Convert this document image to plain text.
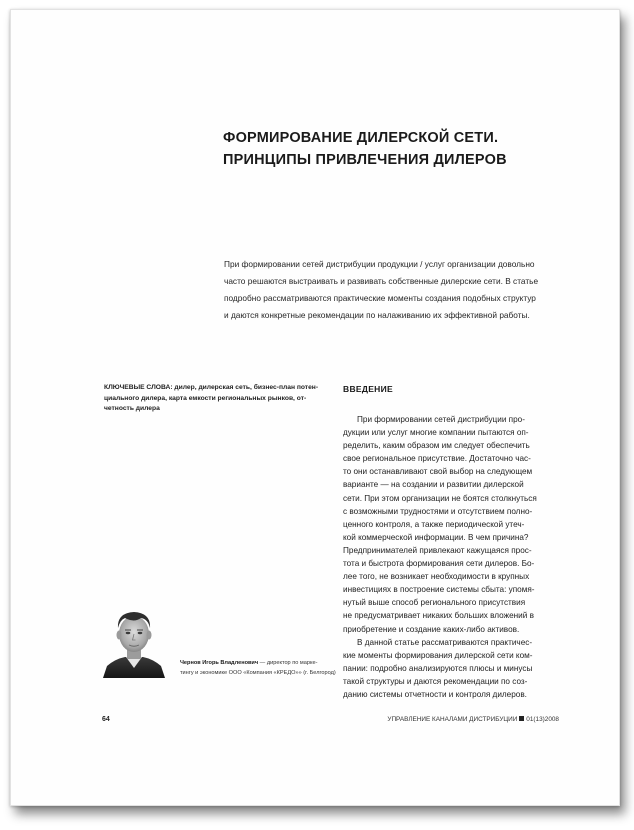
ФОРМИРОВАНИЕ ДИЛЕРСКОЙ СЕТИ.
ПРИНЦИПЫ ПРИВЛЕЧЕНИЯ ДИЛЕРОВ

При формировании сетей дистрибуции продукции / услуг организации довольно
часто решаются выстраивать и развивать собственные дилерские сети. В статье
подробно рассматриваются практические моменты создания подобных структур
и даются конкретные рекомендации по налаживанию их эффективной работы.

КЛЮЧЕВЫЕ СЛОВА: дилер, дилерская сеть, бизнес-план потен-
циального дилера, карта емкости региональных рынков, от-
четность дилера

ВВЕДЕНИЕ
При формировании сетей дистрибуции про-
дукции или услуг многие компании пытаются оп-
ределить, каким образом им следует обеспечить
свое региональное присутствие. Достаточно час-
то они останавливают свой выбор на следующем
варианте — на создании и развитии дилерской
сети. При этом организации не боятся столкнуться
с возможными трудностями и отсутствием полно-
ценного контроля, а также периодической утеч-
кой коммерческой информации. В чем причина?
Предпринимателей привлекают кажущаяся прос-
тота и быстрота формирования сети дилеров. Бо-
лее того, не возникает необходимости в крупных
инвестициях в построение системы сбыта: упомя-
нутый выше способ регионального присутствия
не предусматривает никаких больших вложений в
приобретение и создание каких-либо активов.
В данной статье рассматриваются практичес-
кие моменты формирования дилерской сети ком-
пании: подробно анализируются плюсы и минусы
такой структуры и даются рекомендации по соз-
данию системы отчетности и контроля дилеров.

Чернов Игорь Владленович — директор по марке-
тингу и экономике ООО «Компания «КРЕДО»» (г. Белгород)

64	УПРАВЛЕНИЕ КАНАЛАМИ ДИСТРИБУЦИИ 01(13)2008
